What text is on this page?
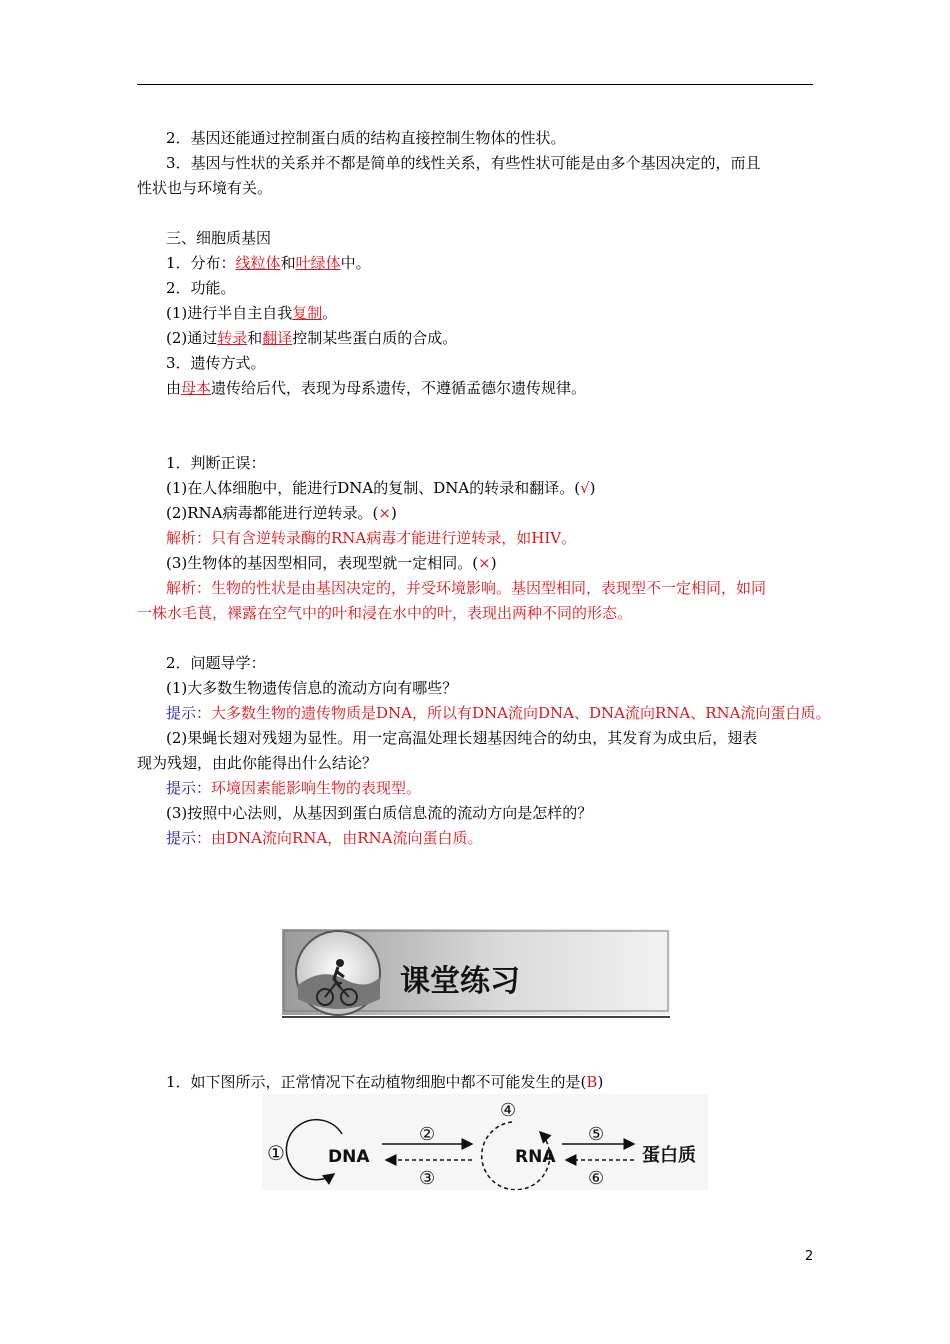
2．基因还能通过控制蛋白质的结构直接控制生物体的性状。
3．基因与性状的关系并不都是简单的线性关系，有些性状可能是由多个基因决定的，而且
性状也与环境有关。
三、细胞质基因
1．分布：线粒体和叶绿体中。
2．功能。
(1)进行半自主自我复制。
(2)通过转录和翻译控制某些蛋白质的合成。
3．遗传方式。
由母本遗传给后代，表现为母系遗传，不遵循孟德尔遗传规律。
1．判断正误：
(1)在人体细胞中，能进行DNA的复制、DNA的转录和翻译。(√)
(2)RNA病毒都能进行逆转录。(×)
解析：只有含逆转录酶的RNA病毒才能进行逆转录，如HIV。
(3)生物体的基因型相同，表现型就一定相同。(×)
解析：生物的性状是由基因决定的，并受环境影响。基因型相同，表现型不一定相同，如同
一株水毛茛，裸露在空气中的叶和浸在水中的叶，表现出两种不同的形态。
2．问题导学：
(1)大多数生物遗传信息的流动方向有哪些？
提示：大多数生物的遗传物质是DNA，所以有DNA流向DNA、DNA流向RNA、RNA流向蛋白质。
(2)果蝇长翅对残翅为显性。用一定高温处理长翅基因纯合的幼虫，其发育为成虫后，翅表
现为残翅，由此你能得出什么结论？
提示：环境因素能影响生物的表现型。
(3)按照中心法则，从基因到蛋白质信息流的流动方向是怎样的？
提示：由DNA流向RNA，由RNA流向蛋白质。
课堂练习
1．如下图所示，正常情况下在动植物细胞中都不可能发生的是(B)
①	DNA
②
③
④
RNA
⑤
⑥
蛋白质
2
